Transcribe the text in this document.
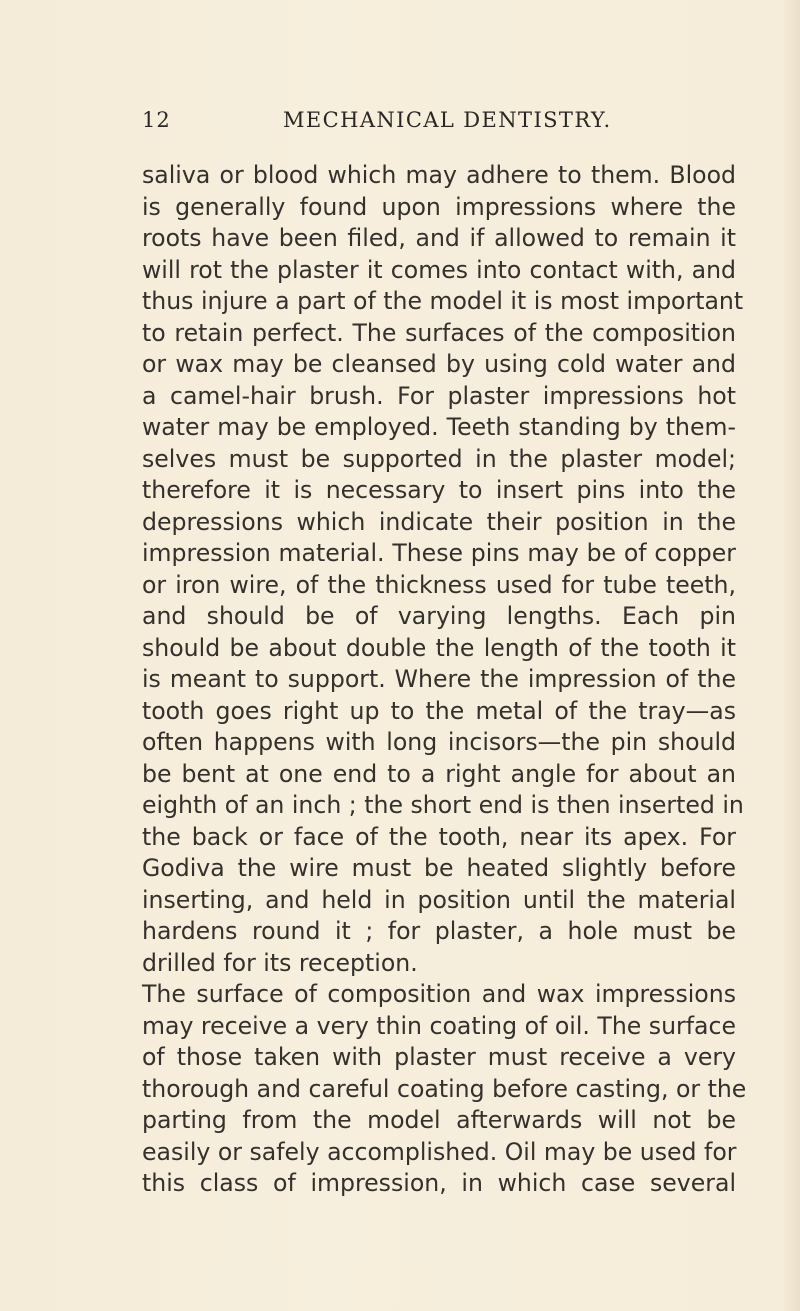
12	MECHANICAL DENTISTRY.
saliva or blood which may adhere to them. Blood
is generally found upon impressions where the
roots have been filed, and if allowed to remain it
will rot the plaster it comes into contact with, and
thus injure a part of the model it is most important
to retain perfect. The surfaces of the composition
or wax may be cleansed by using cold water and
a camel-hair brush. For plaster impressions hot
water may be employed. Teeth standing by them-
selves must be supported in the plaster model;
therefore it is necessary to insert pins into the
depressions which indicate their position in the
impression material. These pins may be of copper
or iron wire, of the thickness used for tube teeth,
and should be of varying lengths. Each pin
should be about double the length of the tooth it
is meant to support. Where the impression of the
tooth goes right up to the metal of the tray—as
often happens with long incisors—the pin should
be bent at one end to a right angle for about an
eighth of an inch ; the short end is then inserted in
the back or face of the tooth, near its apex. For
Godiva the wire must be heated slightly before
inserting, and held in position until the material
hardens round it ; for plaster, a hole must be
drilled for its reception.
The surface of composition and wax impressions
may receive a very thin coating of oil. The surface
of those taken with plaster must receive a very
thorough and careful coating before casting, or the
parting from the model afterwards will not be
easily or safely accomplished. Oil may be used for
this class of impression, in which case several
